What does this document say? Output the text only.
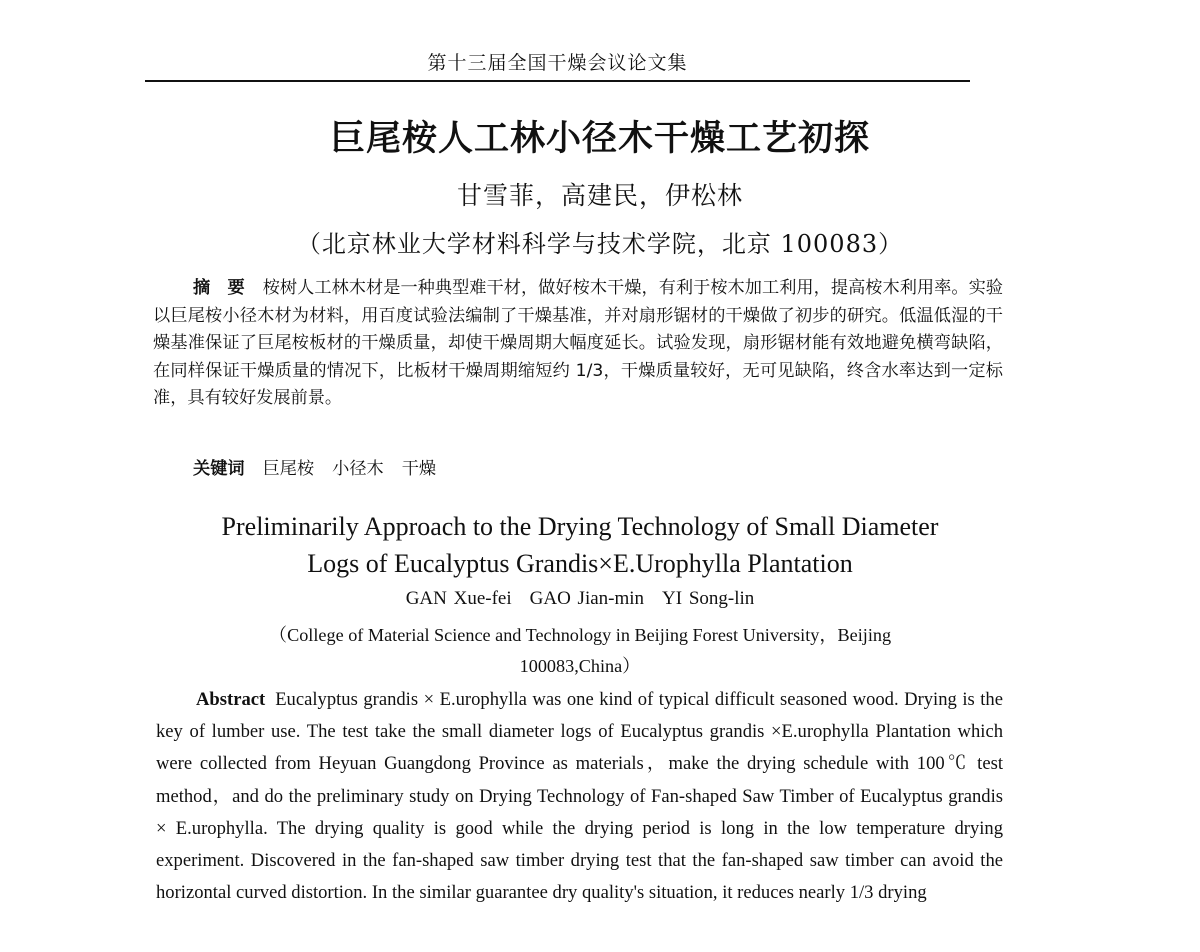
第十三届全国干燥会议论文集
巨尾桉人工林小径木干燥工艺初探
甘雪菲，高建民，伊松林
（北京林业大学材料科学与技术学院，北京 100083）
摘　要 桉树人工林木材是一种典型难干材，做好桉木干燥，有利于桉木加工利用，提高桉木利用率。实验以巨尾桉小径木材为材料，用百度试验法编制了干燥基准，并对扇形锯材的干燥做了初步的研究。低温低湿的干燥基准保证了巨尾桉板材的干燥质量，却使干燥周期大幅度延长。试验发现，扇形锯材能有效地避免横弯缺陷，在同样保证干燥质量的情况下，比板材干燥周期缩短约 1/3，干燥质量较好，无可见缺陷，终含水率达到一定标准，具有较好发展前景。
关键词 巨尾桉 小径木 干燥
Preliminarily Approach to the Drying Technology of Small Diameter
Logs of Eucalyptus Grandis×E.Urophylla Plantation
GAN Xue-fei GAO Jian-min YI Song-lin
（College of Material Science and Technology in Beijing Forest University，Beijing
100083,China）
Abstract Eucalyptus grandis × E.urophylla was one kind of typical difficult seasoned wood. Drying is the key of lumber use. The test take the small diameter logs of Eucalyptus grandis ×E.urophylla Plantation which were collected from Heyuan Guangdong Province as materials，make the drying schedule with 100℃ test method，and do the preliminary study on Drying Technology of Fan-shaped Saw Timber of Eucalyptus grandis × E.urophylla. The drying quality is good while the drying period is long in the low temperature drying experiment. Discovered in the fan-shaped saw timber drying test that the fan-shaped saw timber can avoid the horizontal curved distortion. In the similar guarantee dry quality's situation, it reduces nearly 1/3 drying
